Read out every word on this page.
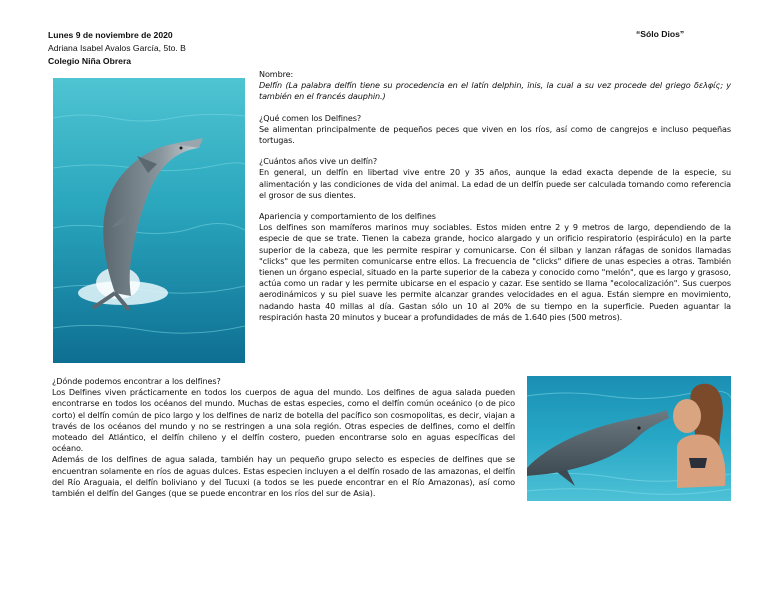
Lunes 9 de noviembre de 2020
Adriana Isabel Avalos García, 5to. B
Colegio Niña Obrera
“Sólo Dios”

Nombre:

Delfín (La palabra delfín tiene su procedencia en el latín delphin, ĭnis, la cual a su vez procede del griego δελφίς; y también en el francés dauphin.)

¿Qué comen los Delfines?

Se alimentan principalmente de pequeños peces que viven en los ríos, así como de cangrejos e incluso pequeñas tortugas.

¿Cuántos años vive un delfín?

En general, un delfín en libertad vive entre 20 y 35 años, aunque la edad exacta depende de la especie, su alimentación y las condiciones de vida del animal. La edad de un delfín puede ser calculada tomando como referencia el grosor de sus dientes.

Apariencia y comportamiento de los delfines

Los delfines son mamíferos marinos muy sociables. Estos miden entre 2 y 9 metros de largo, dependiendo de la especie de que se trate. Tienen la cabeza grande, hocico alargado y un orificio respiratorio (espiráculo) en la parte superior de la cabeza, que les permite respirar y comunicarse. Con él silban y lanzan ráfagas de sonidos llamadas "clicks" que les permiten comunicarse entre ellos. La frecuencia de "clicks" difiere de unas especies a otras. También tienen un órgano especial, situado en la parte superior de la cabeza y conocido como "melón", que es largo y grasoso, actúa como un radar y les permite ubicarse en el espacio y cazar. Ese sentido se llama "ecolocalización". Sus cuerpos aerodinámicos y su piel suave les permite alcanzar grandes velocidades en el agua. Están siempre en movimiento, nadando hasta 40 millas al día. Gastan sólo un 10 al 20% de su tiempo en la superficie. Pueden aguantar la respiración hasta 20 minutos y bucear a profundidades de más de 1.640 pies (500 metros).

¿Dónde podemos encontrar a los delfines?

Los Delfines viven prácticamente en todos los cuerpos de agua del mundo. Los delfines de agua salada pueden encontrarse en todos los océanos del mundo. Muchas de estas especies, como el delfín común oceánico (o de pico corto) el delfín común de pico largo y los delfines de nariz de botella del pacífico son cosmopolitas, es decir, viajan a través de los océanos del mundo y no se restringen a una sola región. Otras especies de delfines, como el delfín moteado del Atlántico, el delfín chileno y el delfín costero, pueden encontrarse solo en aguas específicas del océano.

Además de los delfines de agua salada, también hay un pequeño grupo selecto es especies de delfines que se encuentran solamente en ríos de aguas dulces. Estas especien incluyen a el delfín rosado de las amazonas, el delfín del Río Araguaia, el delfín boliviano y del Tucuxi (a todos se les puede encontrar en el Río Amazonas), así como también el delfín del Ganges (que se puede encontrar en los ríos del sur de Asia).
